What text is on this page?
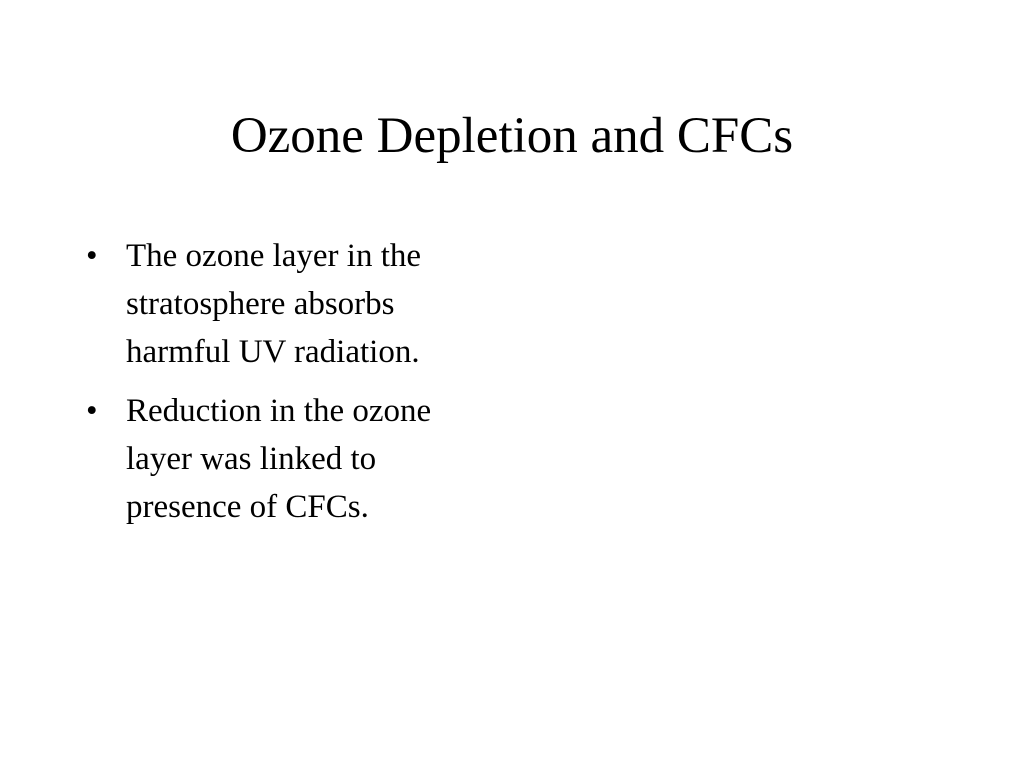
Ozone Depletion and CFCs
• The ozone layer in the
stratosphere absorbs
harmful UV radiation.
• Reduction in the ozone
layer was linked to
presence of CFCs.
